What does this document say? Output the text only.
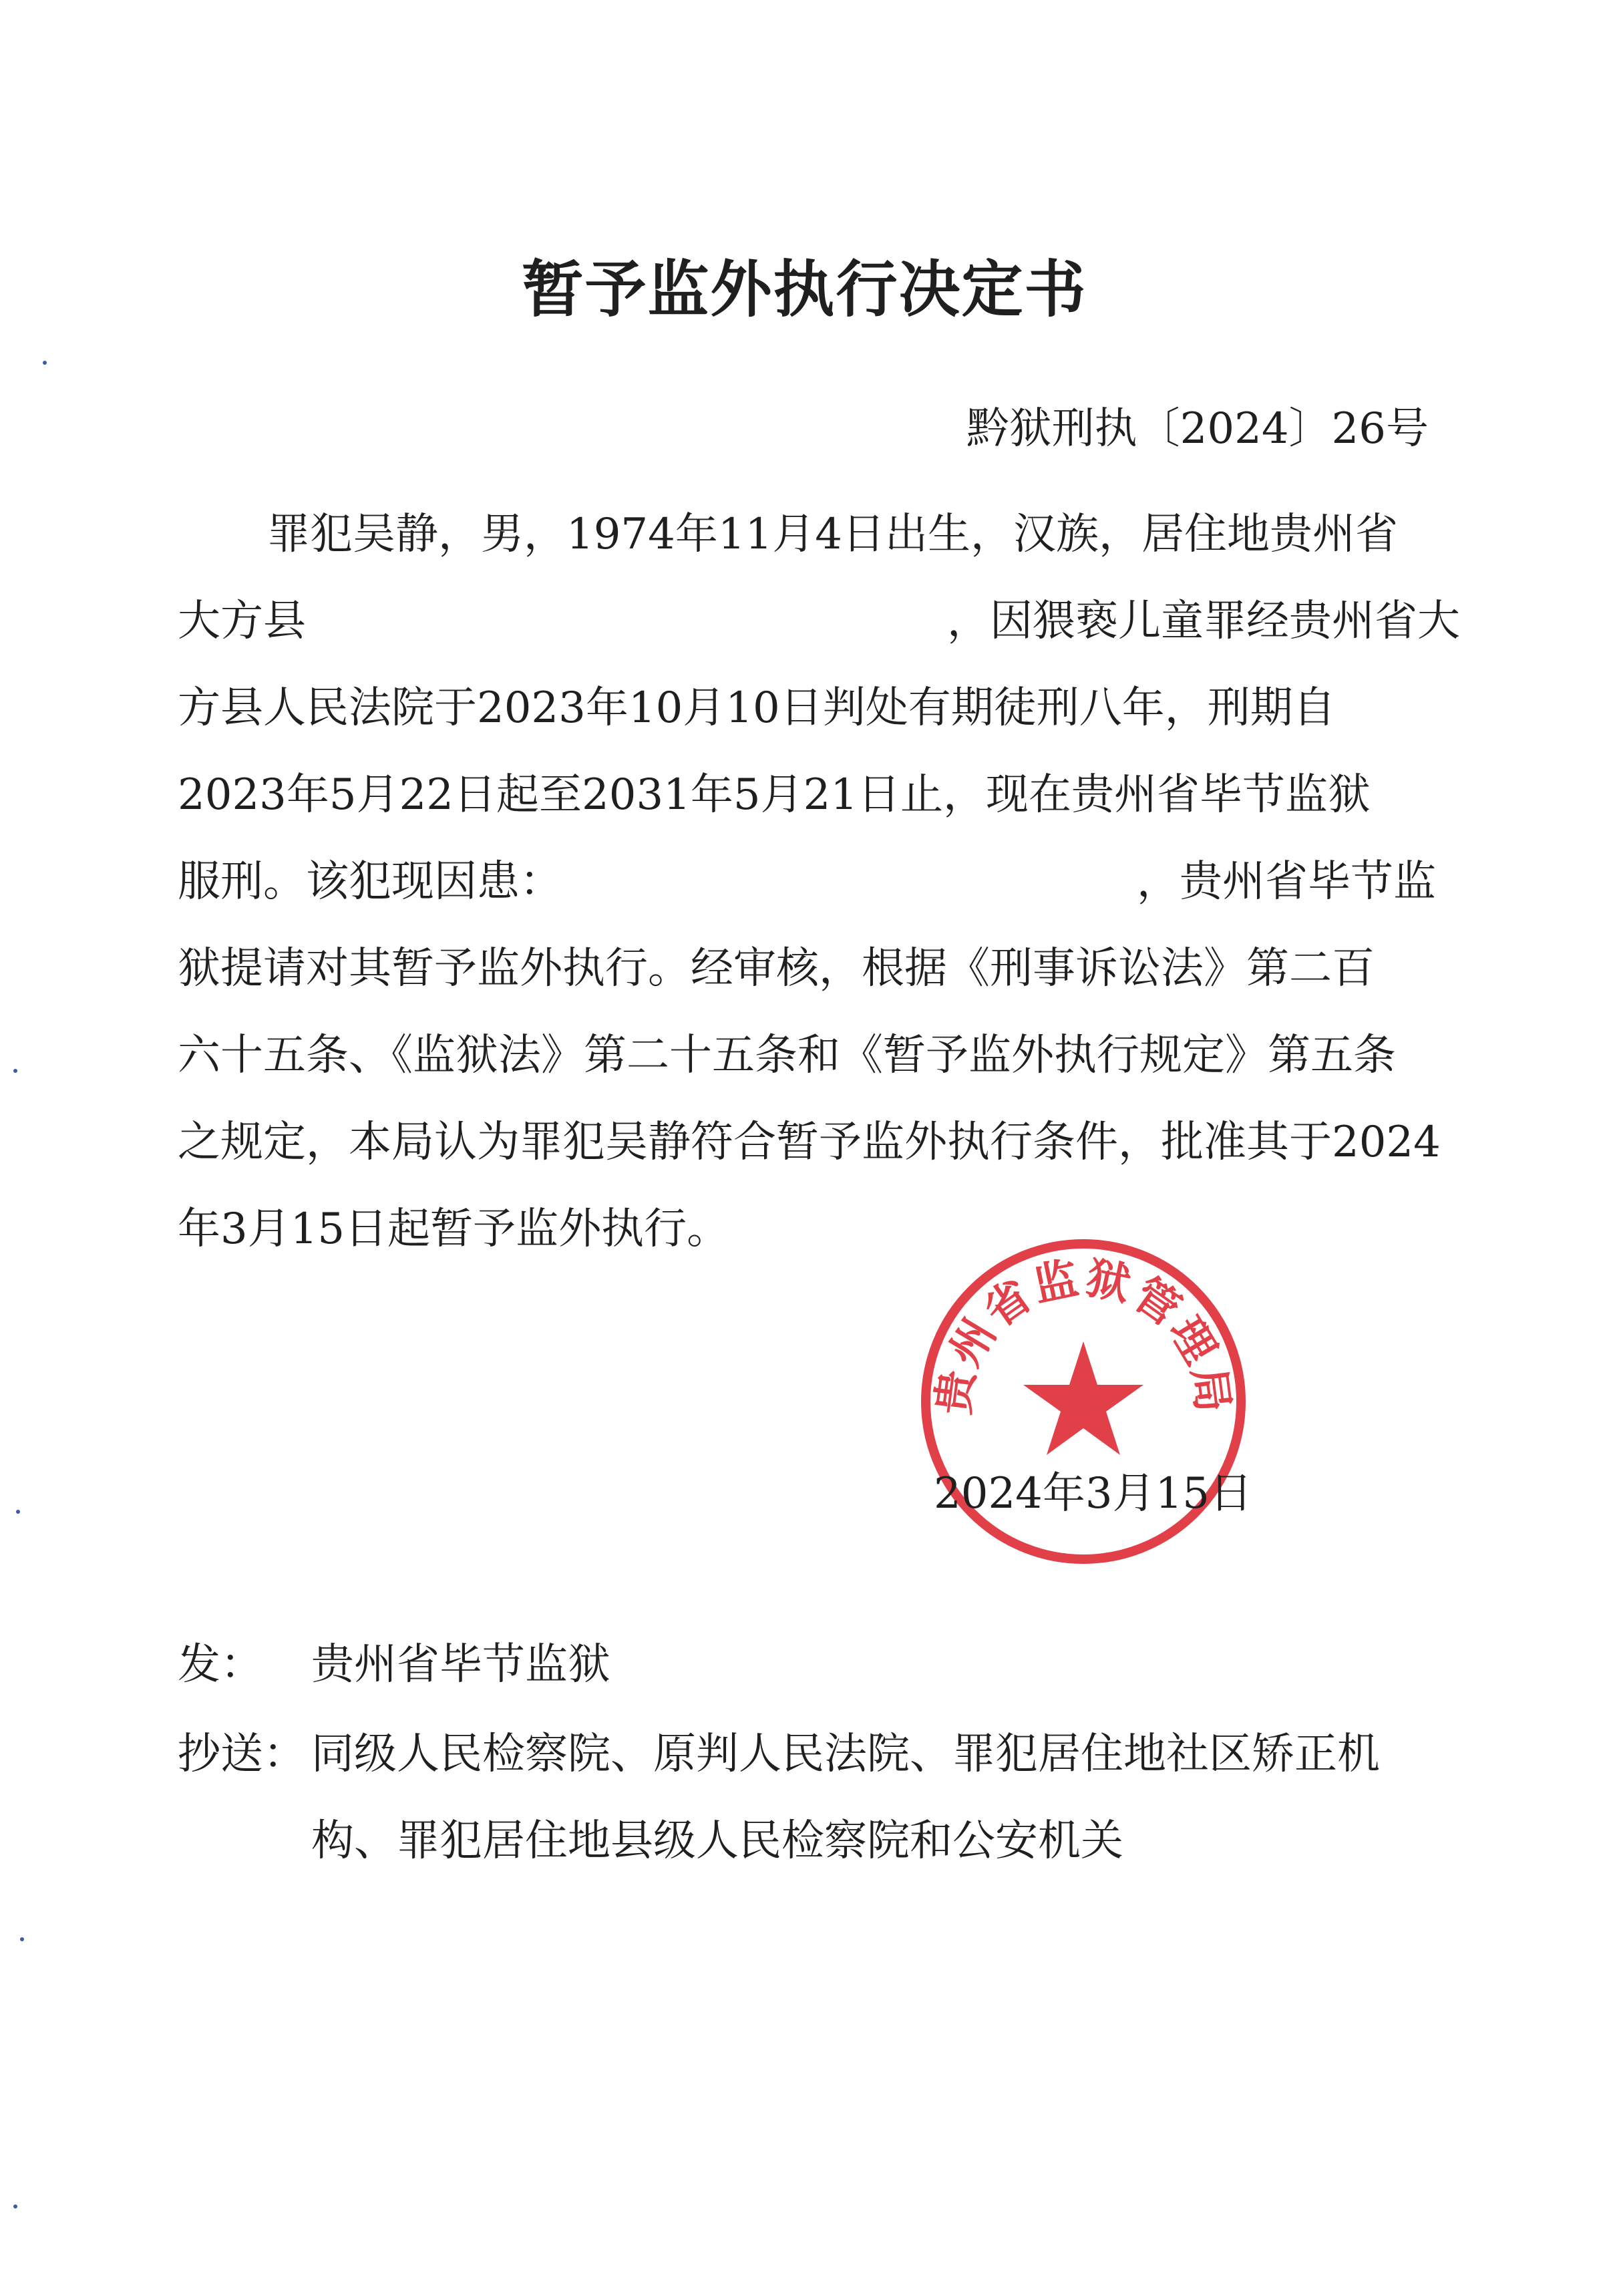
暂予监外执行决定书
黔狱刑执〔2024〕26号
罪犯吴静，男，1974年11月4日出生，汉族，居住地贵州省
大方县	，因猥亵儿童罪经贵州省大
方县人民法院于2023年10月10日判处有期徒刑八年，刑期自
2023年5月22日起至2031年5月21日止，现在贵州省毕节监狱
服刑。该犯现因患：	，贵州省毕节监
狱提请对其暂予监外执行。经审核，根据《刑事诉讼法》第二百
六十五条、《监狱法》第二十五条和《暂予监外执行规定》第五条
之规定，本局认为罪犯吴静符合暂予监外执行条件，批准其于2024
年3月15日起暂予监外执行。
贵州省监狱管理局
2024年3月15日
发： 贵州省毕节监狱
抄送： 同级人民检察院、原判人民法院、罪犯居住地社区矫正机
构、罪犯居住地县级人民检察院和公安机关
